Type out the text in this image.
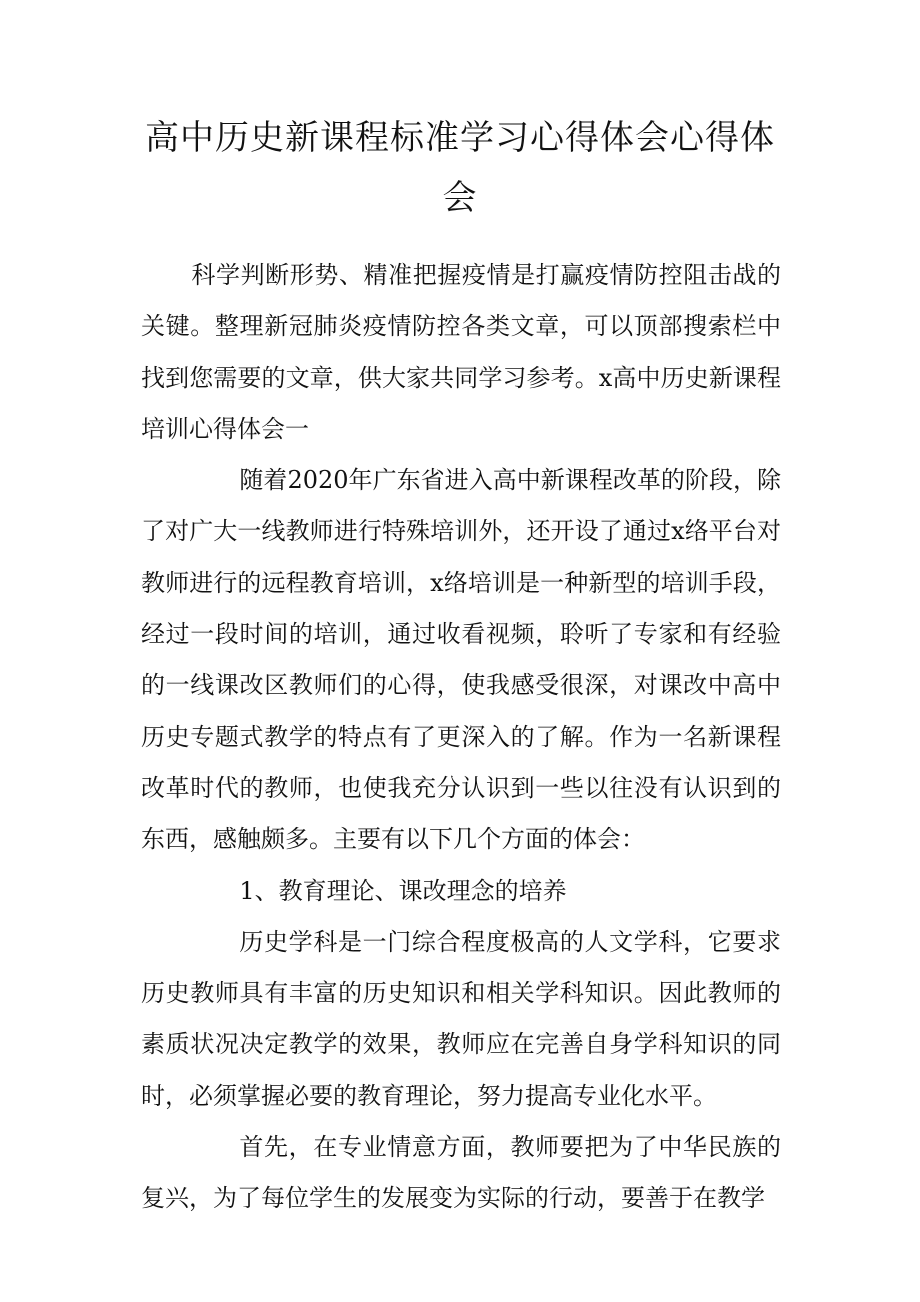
高中历史新课程标准学习心得体会心得体会

科学判断形势、精准把握疫情是打赢疫情防控阻击战的关键。整理新冠肺炎疫情防控各类文章，可以顶部搜索栏中找到您需要的文章，供大家共同学习参考。x高中历史新课程培训心得体会一

随着2020年广东省进入高中新课程改革的阶段，除了对广大一线教师进行特殊培训外，还开设了通过x络平台对教师进行的远程教育培训，x络培训是一种新型的培训手段，经过一段时间的培训，通过收看视频，聆听了专家和有经验的一线课改区教师们的心得，使我感受很深，对课改中高中历史专题式教学的特点有了更深入的了解。作为一名新课程改革时代的教师，也使我充分认识到一些以往没有认识到的东西，感触颇多。主要有以下几个方面的体会：

1、教育理论、课改理念的培养

历史学科是一门综合程度极高的人文学科，它要求历史教师具有丰富的历史知识和相关学科知识。因此教师的素质状况决定教学的效果，教师应在完善自身学科知识的同时，必须掌握必要的教育理论，努力提高专业化水平。

首先，在专业情意方面，教师要把为了中华民族的复兴，为了每位学生的发展变为实际的行动，要善于在教学
